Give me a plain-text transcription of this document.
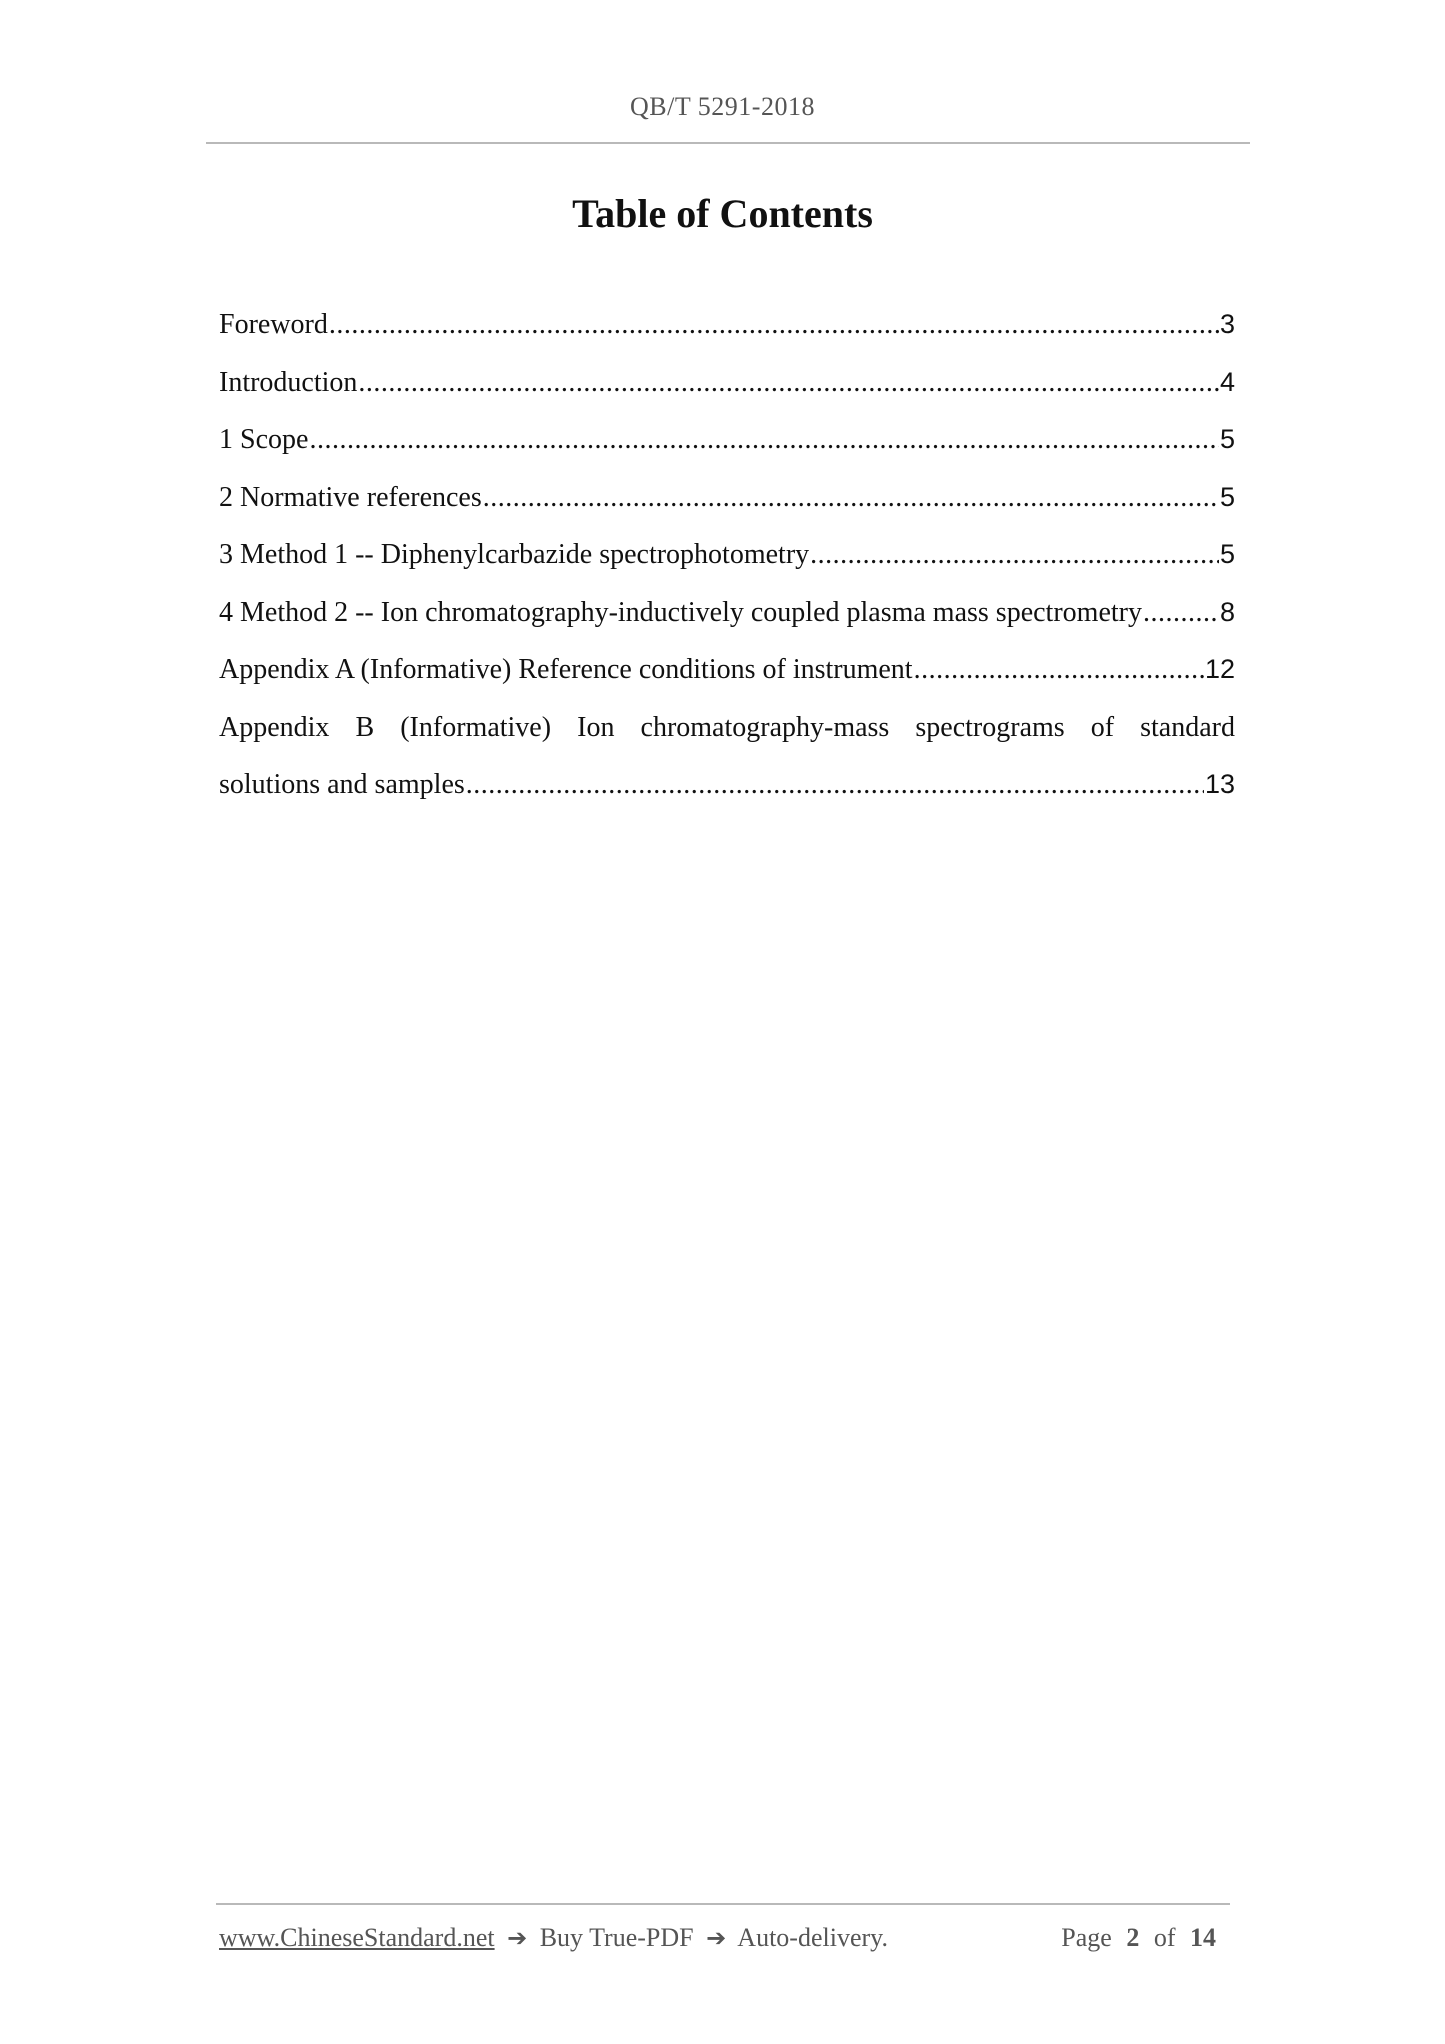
QB/T 5291-2018
Table of Contents
Foreword .....	3
Introduction .....	4
1 Scope .....	5
2 Normative references .....	5
3 Method 1 -- Diphenylcarbazide spectrophotometry .....	5
4 Method 2 -- Ion chromatography-inductively coupled plasma mass spectrometry .....	8
Appendix A (Informative) Reference conditions of instrument .....	12
Appendix B (Informative) Ion chromatography-mass spectrograms of standard
solutions and samples .....	13
www.ChineseStandard.net ➔ Buy True-PDF ➔ Auto-delivery.	Page 2 of 14
